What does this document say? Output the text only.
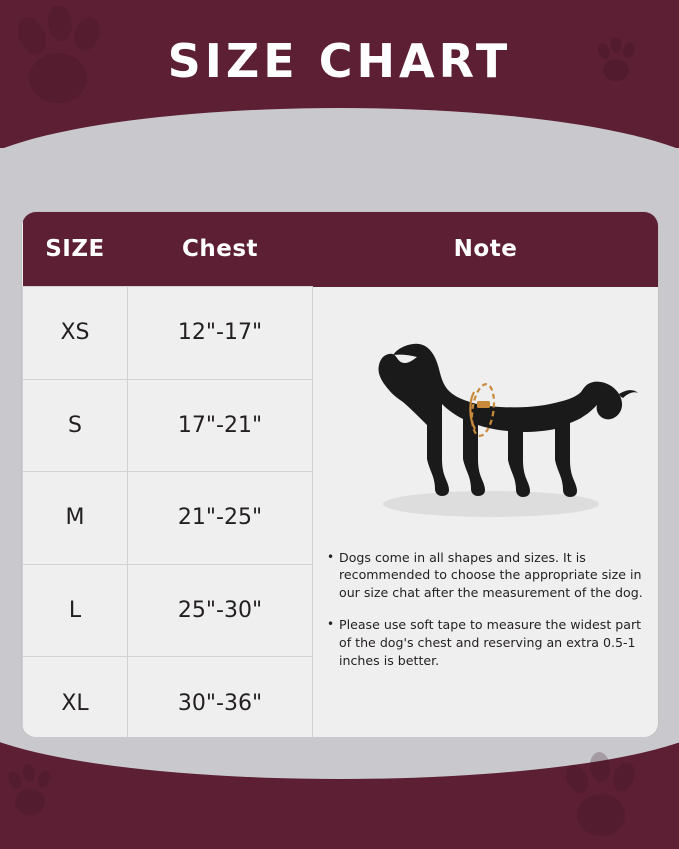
SIZE CHART
SIZE	Chest	Note
XS	12"-17"	• Dogs come in all shapes and sizes. It is recommended to choose the appropriate size in our size chat after the measurement of the dog.
• Please use soft tape to measure the widest part of the dog's chest and reserving an extra 0.5-1 inches is better.

S	17"-21"	
M	21"-25"	
L	25"-30"	
XL	30"-36"	
